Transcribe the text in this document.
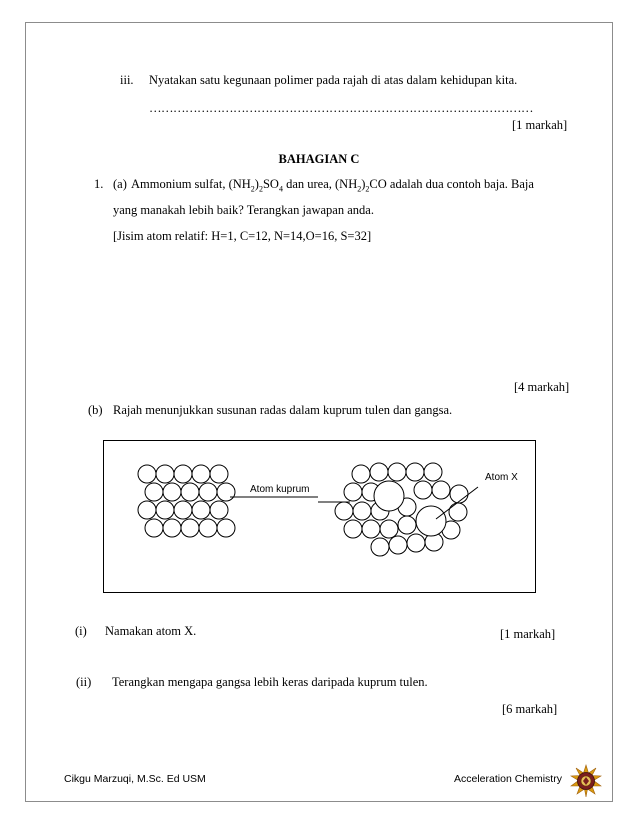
iii. Nyatakan satu kegunaan polimer pada rajah di atas dalam kehidupan kita.
……………………………………………………………………………………
[1 markah]
BAHAGIAN C
1. (a) Ammonium sulfat, $(NH_2)_2SO_4$ dan urea, $(NH_2)_2CO$ adalah dua contoh baja. Baja
yang manakah lebih baik? Terangkan jawapan anda.
[Jisim atom relatif: H=1, C=12, N=14,O=16, S=32]
[4 markah]
(b) Rajah menunjukkan susunan radas dalam kuprum tulen dan gangsa.
Atom kuprum
Atom X
(i) Namakan atom X.	[1 markah]
(ii) Terangkan mengapa gangsa lebih keras daripada kuprum tulen.
[6 markah]
Cikgu Marzuqi, M.Sc. Ed USM	Acceleration Chemistry
